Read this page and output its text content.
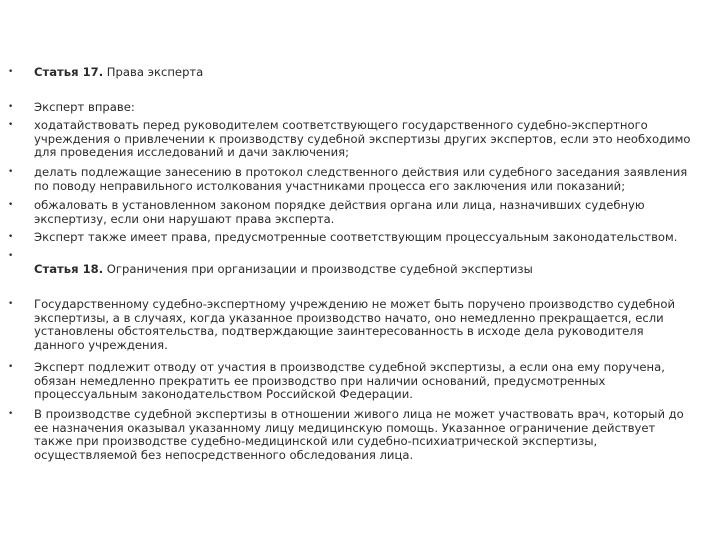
• Статья 17. Права эксперта
• Эксперт вправе:
• ходатайствовать перед руководителем соответствующего государственного судебно-экспертного
учреждения о привлечении к производству судебной экспертизы других экспертов, если это необходимо
для проведения исследований и дачи заключения;
• делать подлежащие занесению в протокол следственного действия или судебного заседания заявления
по поводу неправильного истолкования участниками процесса его заключения или показаний;
• обжаловать в установленном законом порядке действия органа или лица, назначивших судебную
экспертизу, если они нарушают права эксперта.
• Эксперт также имеет права, предусмотренные соответствующим процессуальным законодательством.
•
Статья 18. Ограничения при организации и производстве судебной экспертизы
• Государственному судебно-экспертному учреждению не может быть поручено производство судебной
экспертизы, а в случаях, когда указанное производство начато, оно немедленно прекращается, если
установлены обстоятельства, подтверждающие заинтересованность в исходе дела руководителя
данного учреждения.
• Эксперт подлежит отводу от участия в производстве судебной экспертизы, а если она ему поручена,
обязан немедленно прекратить ее производство при наличии оснований, предусмотренных
процессуальным законодательством Российской Федерации.
• В производстве судебной экспертизы в отношении живого лица не может участвовать врач, который до
ее назначения оказывал указанному лицу медицинскую помощь. Указанное ограничение действует
также при производстве судебно-медицинской или судебно-психиатрической экспертизы,
осуществляемой без непосредственного обследования лица.
